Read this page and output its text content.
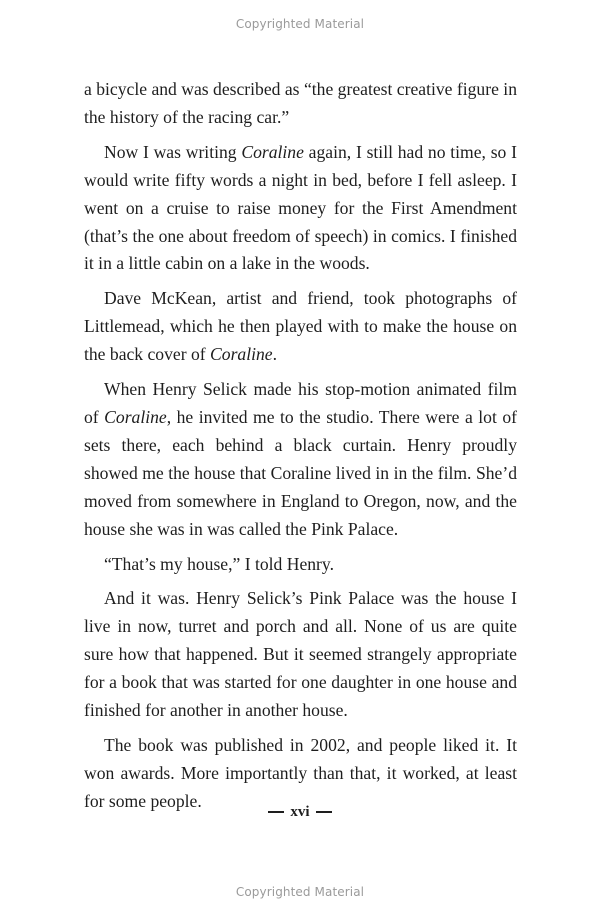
Copyrighted Material

a bicycle and was described as “the greatest creative figure in the history of the racing car.”

Now I was writing Coraline again, I still had no time, so I would write fifty words a night in bed, before I fell asleep. I went on a cruise to raise money for the First Amendment (that’s the one about freedom of speech) in comics. I finished it in a little cabin on a lake in the woods.

Dave McKean, artist and friend, took photographs of Littlemead, which he then played with to make the house on the back cover of Coraline.

When Henry Selick made his stop-motion animated film of Coraline, he invited me to the studio. There were a lot of sets there, each behind a black curtain. Henry proudly showed me the house that Coraline lived in in the film. She’d moved from somewhere in England to Oregon, now, and the house she was in was called the Pink Palace.

“That’s my house,” I told Henry.

And it was. Henry Selick’s Pink Palace was the house I live in now, turret and porch and all. None of us are quite sure how that happened. But it seemed strangely appropriate for a book that was started for one daughter in one house and finished for another in another house.

The book was published in 2002, and people liked it. It won awards. More importantly than that, it worked, at least for some people.

xvi
Copyrighted Material
